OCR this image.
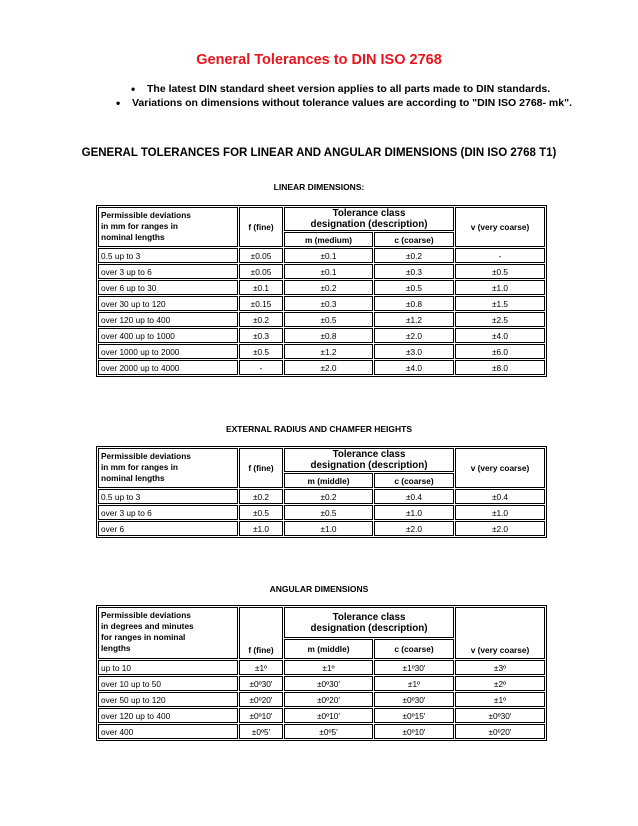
General Tolerances to DIN ISO 2768
• The latest DIN standard sheet version applies to all parts made to DIN standards.
• Variations on dimensions without tolerance values are according to "DIN ISO 2768- mk".
GENERAL TOLERANCES FOR LINEAR AND ANGULAR DIMENSIONS (DIN ISO 2768 T1)
LINEAR DIMENSIONS:
Permissible deviations
in mm for ranges in
nominal lengths	f (fine)	Tolerance class
designation (description)		v (very coarse)
		m (medium)	c (coarse)	
0.5 up to 3	±0.05	±0.1	±0.2	-
over 3 up to 6	±0.05	±0.1	±0.3	±0.5
over 6 up to 30	±0.1	±0.2	±0.5	±1.0
over 30 up to 120	±0.15	±0.3	±0.8	±1.5
over 120 up to 400	±0.2	±0.5	±1.2	±2.5
over 400 up to 1000	±0.3	±0.8	±2.0	±4.0
over 1000 up to 2000	±0.5	±1.2	±3.0	±6.0
over 2000 up to 4000	-	±2.0	±4.0	±8.0
EXTERNAL RADIUS AND CHAMFER HEIGHTS
Permissible deviations
in mm for ranges in
nominal lengths	f (fine)	Tolerance class
designation (description)		v (very coarse)
		m (middle)	c (coarse)	
0.5 up to 3	±0.2	±0.2	±0.4	±0.4
over 3 up to 6	±0.5	±0.5	±1.0	±1.0
over 6	±1.0	±1.0	±2.0	±2.0
ANGULAR DIMENSIONS
Permissible deviations
in degrees and minutes
for ranges in nominal
lengths	f (fine)	Tolerance class
designation (description)		v (very coarse)
		m (middle)	c (coarse)	
up to 10	±1º	±1º	±1º30'	±3º
over 10 up to 50	±0º30'	±0º30'	±1º	±2º
over 50 up to 120	±0º20'	±0º20'	±0º30'	±1º
over 120 up to 400	±0º10'	±0º10'	±0º15'	±0º30'
over 400	±0º5'	±0º5'	±0º10'	±0º20'
